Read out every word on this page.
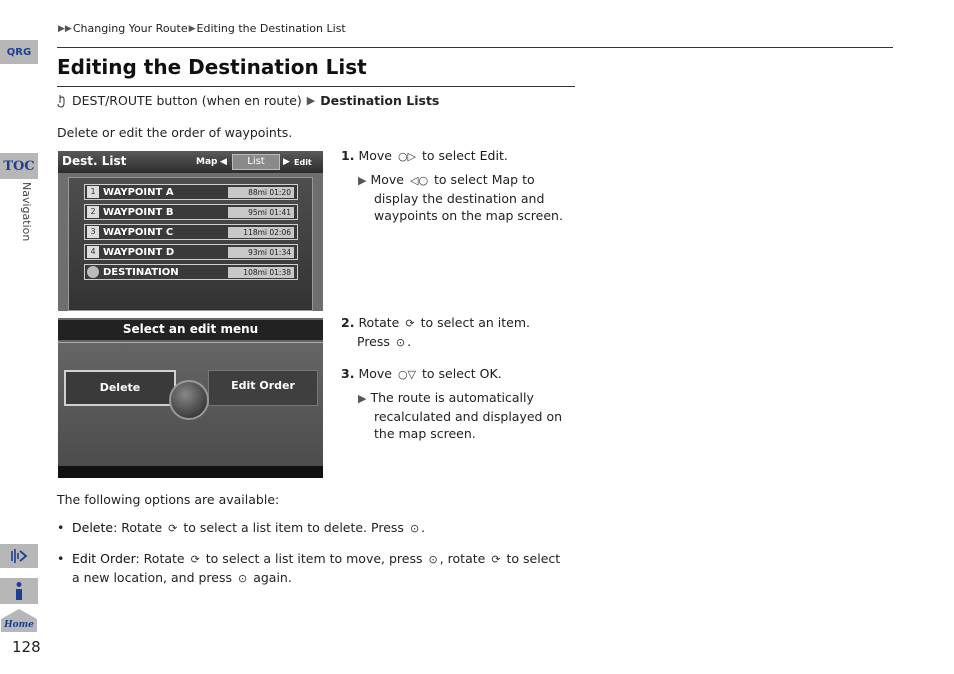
QRG
TOC
Navigation
Home
128
▶▶ Changing Your Route ▶ Editing the Destination List
Editing the Destination List
DEST/ROUTE button (when en route) ▶ Destination Lists
Delete or edit the order of waypoints.
Dest. List	Map ◀	List	▶ Edit
1 WAYPOINT A	88mi 01:20
2 WAYPOINT B	95mi 01:41
3 WAYPOINT C	118mi 02:06
4 WAYPOINT D	93mi 01:34
DESTINATION	108mi 01:38
Select an edit menu
Delete	Edit Order
1. Move ○▷ to select Edit.
▶ Move ◁○ to select Map to
display the destination and
waypoints on the map screen.
2. Rotate ⟳ to select an item.
Press ⊙ .
3. Move ○▽ to select OK.
▶ The route is automatically
recalculated and displayed on
the map screen.
The following options are available:
• Delete: Rotate ⟳ to select a list item to delete. Press ⊙ .
• Edit Order: Rotate ⟳ to select a list item to move, press ⊙ , rotate ⟳ to select
a new location, and press ⊙ again.
